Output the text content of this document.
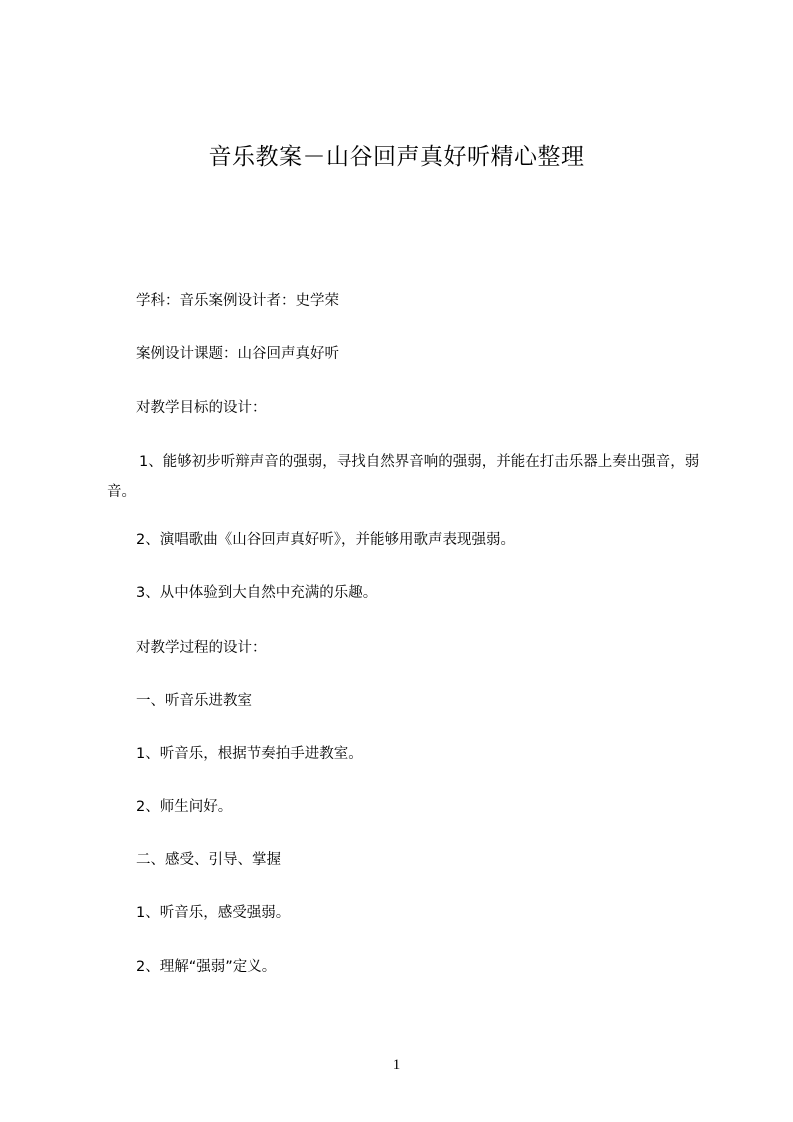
音乐教案－山谷回声真好听精心整理
学科：音乐案例设计者：史学荣
案例设计课题：山谷回声真好听
对教学目标的设计：
1、能够初步听辩声音的强弱，寻找自然界音响的强弱，并能在打击乐器上奏出强音，弱音。
2、演唱歌曲《山谷回声真好听》，并能够用歌声表现强弱。
3、从中体验到大自然中充满的乐趣。
对教学过程的设计：
一、听音乐进教室
1、听音乐，根据节奏拍手进教室。
2、师生问好。
二、感受、引导、掌握
1、听音乐，感受强弱。
2、理解“强弱”定义。
1
